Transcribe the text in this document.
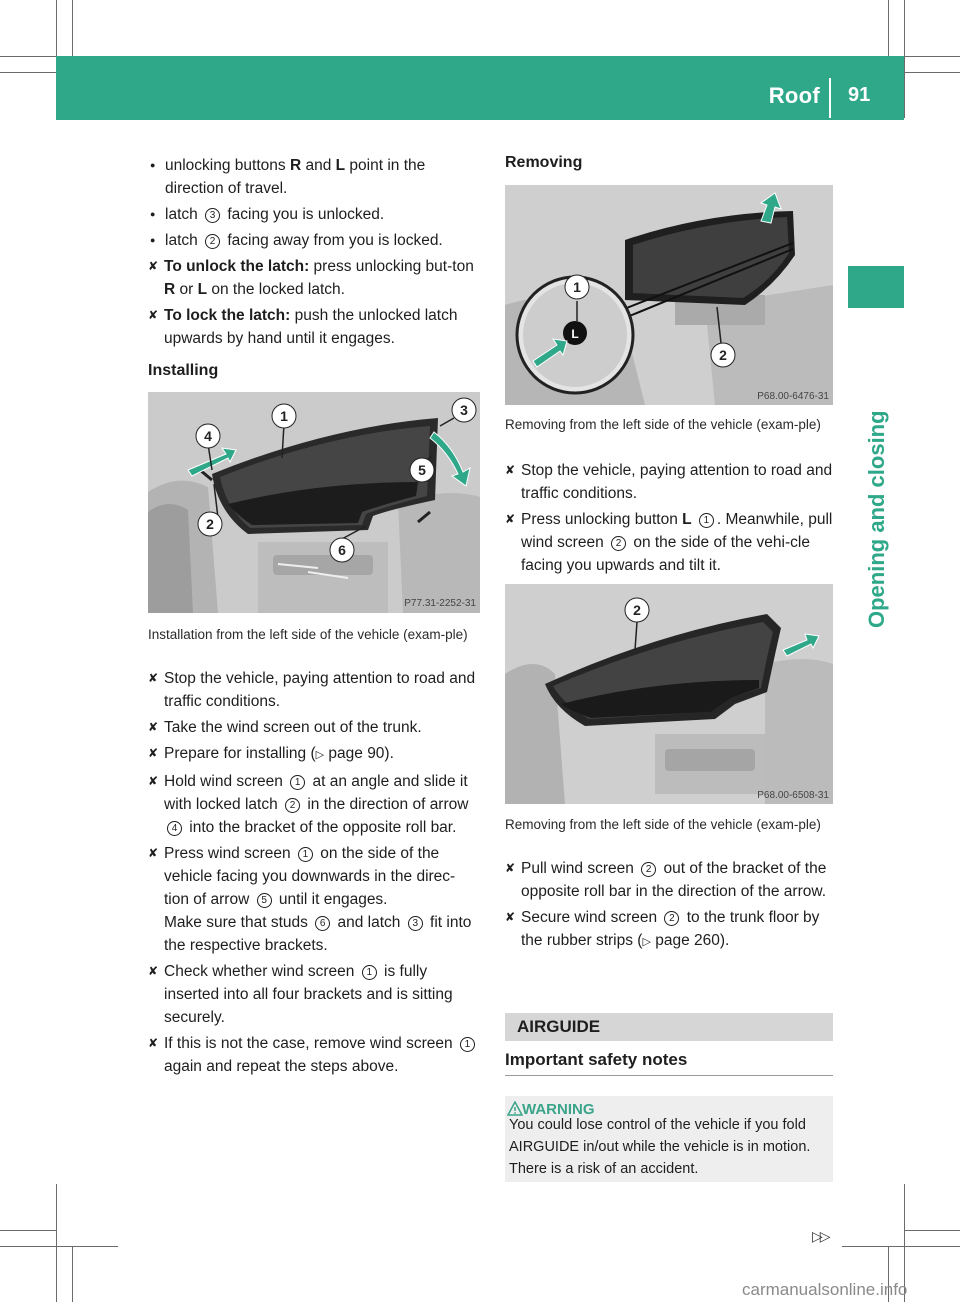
Roof 91
Opening and closing
● unlocking buttons R and L point in the direction of travel.
● latch 3 facing you is unlocked.
● latch 2 facing away from you is locked.
✘ To unlock the latch: press unlocking but-ton R or L on the locked latch.
✘ To lock the latch: push the unlocked latch upwards by hand until it engages.
Installing
1
2
3
4
5
6
P77.31-2252-31
Installation from the left side of the vehicle (exam-ple)
✘ Stop the vehicle, paying attention to road and traffic conditions.
✘ Take the wind screen out of the trunk.
✘ Prepare for installing (▷ page 90).
✘ Hold wind screen 1 at an angle and slide it with locked latch 2 in the direction of arrow 4 into the bracket of the opposite roll bar.
✘ Press wind screen 1 on the side of the vehicle facing you downwards in the direc-tion of arrow 5 until it engages.
Make sure that studs 6 and latch 3 fit into the respective brackets.
✘ Check whether wind screen 1 is fully inserted into all four brackets and is sitting securely.
✘ If this is not the case, remove wind screen 1 again and repeat the steps above.
Removing
L
1
2
P68.00-6476-31
Removing from the left side of the vehicle (exam-ple)
✘ Stop the vehicle, paying attention to road and traffic conditions.
✘ Press unlocking button L 1 . Meanwhile, pull wind screen 2 on the side of the vehi-cle facing you upwards and tilt it.
2
P68.00-6508-31
Removing from the left side of the vehicle (exam-ple)
✘ Pull wind screen 2 out of the bracket of the opposite roll bar in the direction of the arrow.
✘ Secure wind screen 2 to the trunk floor by the rubber strips (▷ page 260).
AIRGUIDE
Important safety notes
WARNING
You could lose control of the vehicle if you fold AIRGUIDE in/out while the vehicle is in motion. There is a risk of an accident.
▷▷
carmanualsonline.info
